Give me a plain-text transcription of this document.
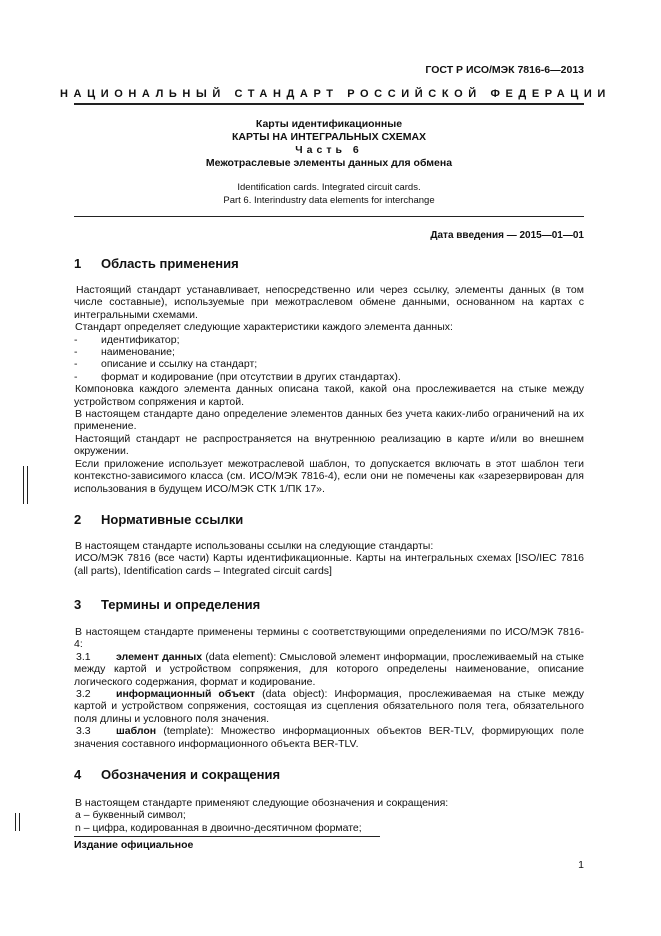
ГОСТ Р ИСО/МЭК 7816-6—2013
НАЦИОНАЛЬНЫЙ СТАНДАРТ РОССИЙСКОЙ ФЕДЕРАЦИИ
Карты идентификационные
КАРТЫ НА ИНТЕГРАЛЬНЫХ СХЕМАХ
Часть 6
Межотраслевые элементы данных для обмена
Identification cards. Integrated circuit cards.
Part 6. Interindustry data elements for interchange
Дата введения — 2015—01—01
1 Область применения

Настоящий стандарт устанавливает, непосредственно или через ссылку, элементы данных (в том числе составные), используемые при межотраслевом обмене данными, основанном на картах с интегральными схемами.

Стандарт определяет следующие характеристики каждого элемента данных:

-	идентификатор;
-	наименование;
-	описание и ссылку на стандарт;
-	формат и кодирование (при отсутствии в других стандартах).

Компоновка каждого элемента данных описана такой, какой она прослеживается на стыке между устройством сопряжения и картой.

В настоящем стандарте дано определение элементов данных без учета каких-либо ограничений на их применение.

Настоящий стандарт не распространяется на внутреннюю реализацию в карте и/или во внешнем окружении.

Если приложение использует межотраслевой шаблон, то допускается включать в этот шаблон теги контекстно-зависимого класса (см. ИСО/МЭК 7816-4), если они не помечены как «зарезервирован для использования в будущем ИСО/МЭК СТК 1/ПК 17».

2 Нормативные ссылки

В настоящем стандарте использованы ссылки на следующие стандарты:

ИСО/МЭК 7816 (все части) Карты идентификационные. Карты на интегральных схемах [ISO/IEC 7816 (all parts), Identification cards – Integrated circuit cards]

3 Термины и определения

В настоящем стандарте применены термины с соответствующими определениями по ИСО/МЭК 7816-4:

3.1 элемент данных (data element): Смысловой элемент информации, прослеживаемый на стыке между картой и устройством сопряжения, для которого определены наименование, описание логического содержания, формат и кодирование.

3.2 информационный объект (data object): Информация, прослеживаемая на стыке между картой и устройством сопряжения, состоящая из сцепления обязательного поля тега, обязательного поля длины и условного поля значения.

3.3 шаблон (template): Множество информационных объектов BER-TLV, формирующих поле значения составного информационного объекта BER-TLV.

4 Обозначения и сокращения

В настоящем стандарте применяют следующие обозначения и сокращения:

a – буквенный символ;

n – цифра, кодированная в двоично-десятичном формате;

Издание официальное
1
